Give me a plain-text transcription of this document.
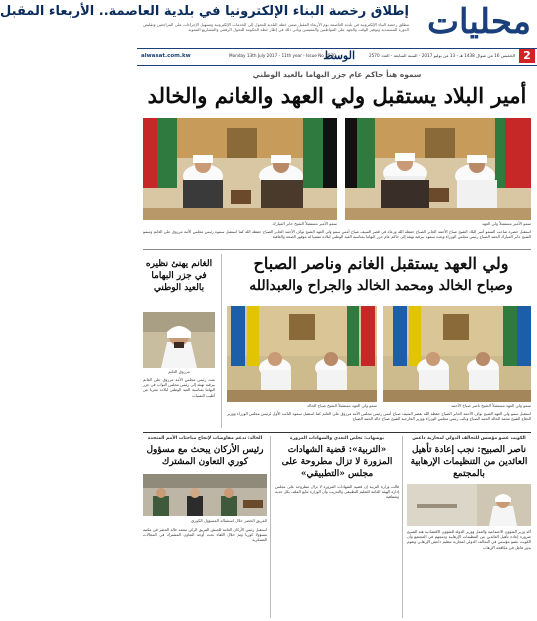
محليات
إطلاق رخصة البناء الإلكترونيا في بلدية العاصمة.. الأربعاء المقبل
تنطلق رخصة البناء الإلكترونية في بلدية العاصمة يوم الأربعاء المقبل ضمن خطة البلدية للتحول إلى الخدمات الإلكترونية وتسهيل الإجراءات على المراجعين وتقليص الدورة المستندية وتوفير الوقت والجهد على المواطنين والمقيمين ويأتي ذلك في إطار خطة الحكومة للتحول الرقمي والمشاريع التنموية
2
الخميس 16 من شوال 1438 هـ - 13 من يوليو 2017 - السنة السابعة - العدد 2570
الوسط
Monday 13th July 2017 - 11th year - Issue No 2570
alwasat.com.kw
سموه هنأ حاكم عام جزر البهاما بالعيد الوطني
أمير البلاد يستقبل ولي العهد والغانم والخالد
سمو الأمير مستقبلاً ولي العهد
سمو الأمير مستقبلاً الشيخ جابر المبارك
استقبل حضرة صاحب السمو أمير البلاد الشيخ صباح الأحمد الجابر الصباح حفظه الله ورعاه في قصر السيف صباح أمس سمو ولي العهد الشيخ نواف الأحمد الجابر الصباح حفظه الله كما استقبل سموه رئيس مجلس الأمة مرزوق علي الغانم وسمو الشيخ جابر المبارك الحمد الصباح رئيس مجلس الوزراء وبعث سموه ببرقية تهنئة إلى حاكم عام جزر البهاما بمناسبة العيد الوطني لبلاده متمنيا له موفور الصحة والعافية
ولي العهد يستقبل الغانم وناصر الصباح
وصباح الخالد ومحمد الخالد والجراح والعبدالله
سمو ولي العهد مستقبلاً الشيخ ناصر صباح الأحمد
سمو ولي العهد مستقبلاً الشيخ صباح الخالد
استقبل سمو ولي العهد الشيخ نواف الأحمد الجابر الصباح حفظه الله بقصر السيف صباح أمس رئيس مجلس الأمة مرزوق علي الغانم كما استقبل سموه النائب الأول لرئيس مجلس الوزراء ووزير الدفاع الشيخ محمد الخالد الحمد الصباح ونائب رئيس مجلس الوزراء ووزير الخارجية الشيخ صباح خالد الحمد الصباح
الغانم يهنئ نظيره في جزر البهاما بالعيد الوطني
مرزوق الغانم
بعث رئيس مجلس الأمة مرزوق علي الغانم ببرقية تهنئة إلى رئيس مجلس النواب في جزر البهاما بمناسبة العيد الوطني لبلاده معربا عن أطيب التمنيات
الكويت عضو مؤسس للتحالف الدولي لمحاربة داعش
ناصر الصبيح: نجب إعادة تأهيل العائدين من التنظيمات الإرهابية بالمجتمع
أكد وزير الشؤون الاجتماعية والعمل ووزير الدولة للشؤون الاقتصادية هند الصبيح ضرورة إعادة تأهيل العائدين من التنظيمات الإرهابية ودمجهم في المجتمع وأن الكويت عضو مؤسس في التحالف الدولي لمحاربة تنظيم داعش الإرهابي وتقوم بدور فاعل في مكافحة الإرهاب
بوشهاب: تخلص التعدي والشهادات المزورة
«التربية»: قضية الشهادات المزورة لا تزال مطروحة على مجلس «التطبيقي»
قالت وزارة التربية إن قضية الشهادات المزورة لا تزال مطروحة على مجلس إدارة الهيئة العامة للتعليم التطبيقي والتدريب وأن الوزارة تتابع الملف بكل جدية وشفافية
الخالد: ندعم مفاوضات لإنجاح مباحثات الأمم المتحدة
رئيس الأركان يبحث مع مسؤول كوري التعاون المشترك
الفريق الخضر خلال استقباله المسؤول الكوري
استقبل رئيس الأركان العامة للجيش الفريق الركن محمد خالد الخضر في مكتبه مسؤولا كوريا وتم خلال اللقاء بحث أوجه التعاون المشترك في المجالات العسكرية
